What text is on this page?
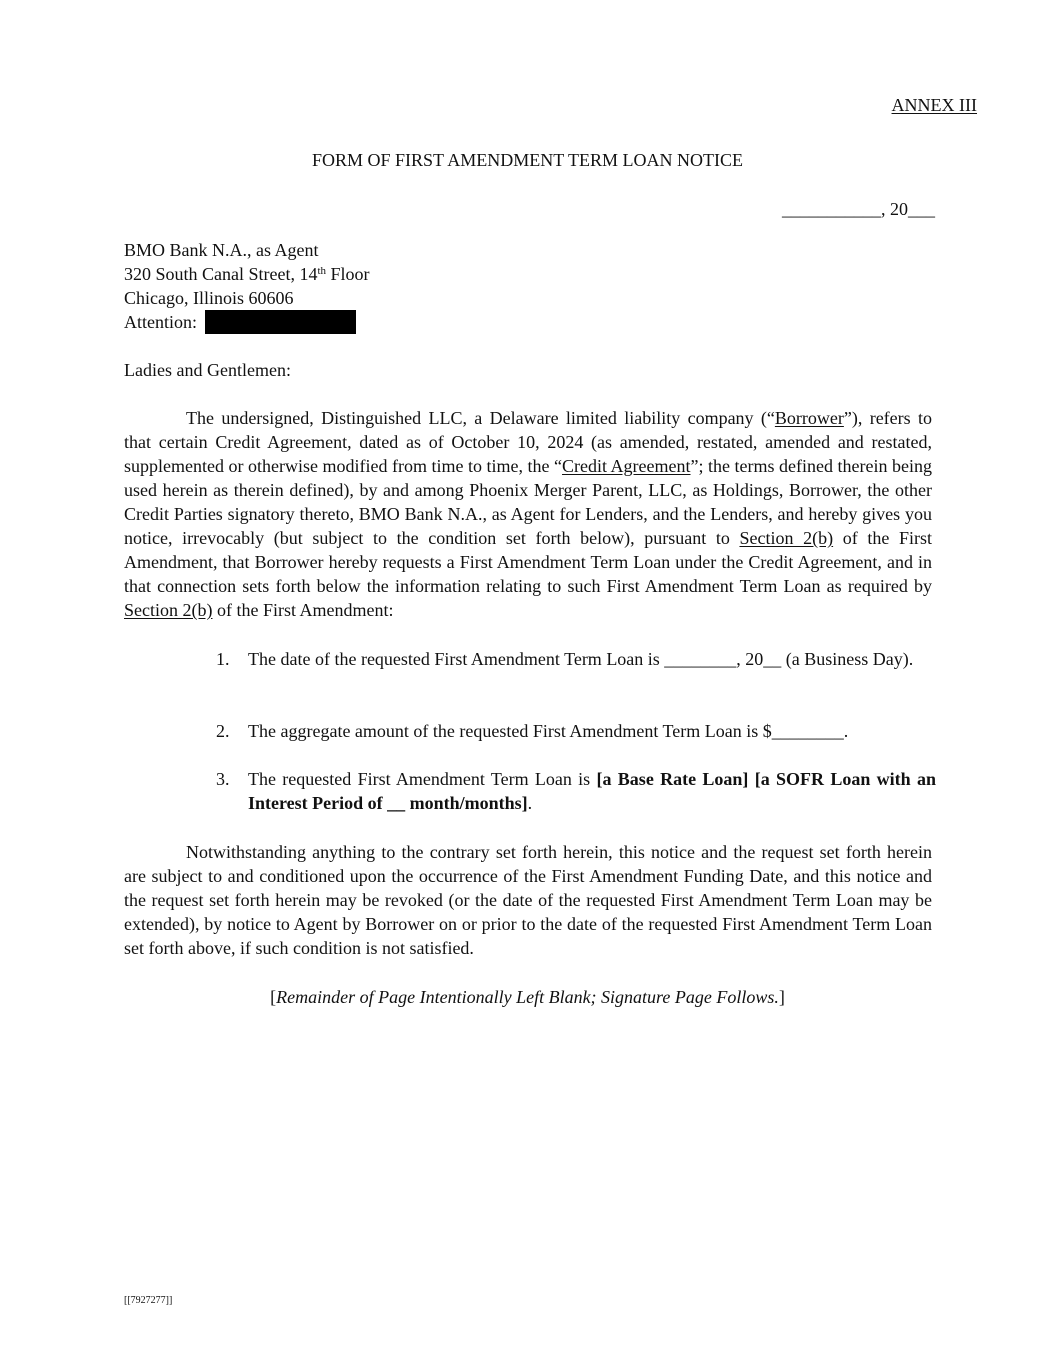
ANNEX III
FORM OF FIRST AMENDMENT TERM LOAN NOTICE
___________, 20___
BMO Bank N.A., as Agent
320 South Canal Street, 14th Floor
Chicago, Illinois 60606
Attention:
Ladies and Gentlemen:
The undersigned, Distinguished LLC, a Delaware limited liability company (“Borrower”), refers to that certain Credit Agreement, dated as of October 10, 2024 (as amended, restated, amended and restated, supplemented or otherwise modified from time to time, the “Credit Agreement”; the terms defined therein being used herein as therein defined), by and among Phoenix Merger Parent, LLC, as Holdings, Borrower, the other Credit Parties signatory thereto, BMO Bank N.A., as Agent for Lenders, and the Lenders, and hereby gives you notice, irrevocably (but subject to the condition set forth below), pursuant to Section 2(b) of the First Amendment, that Borrower hereby requests a First Amendment Term Loan under the Credit Agreement, and in that connection sets forth below the information relating to such First Amendment Term Loan as required by Section 2(b) of the First Amendment:
1. The date of the requested First Amendment Term Loan is ________, 20__ (a Business Day).
2. The aggregate amount of the requested First Amendment Term Loan is $________.
3. The requested First Amendment Term Loan is [a Base Rate Loan] [a SOFR Loan with an Interest Period of __ month/months].
Notwithstanding anything to the contrary set forth herein, this notice and the request set forth herein are subject to and conditioned upon the occurrence of the First Amendment Funding Date, and this notice and the request set forth herein may be revoked (or the date of the requested First Amendment Term Loan may be extended), by notice to Agent by Borrower on or prior to the date of the requested First Amendment Term Loan set forth above, if such condition is not satisfied.
[Remainder of Page Intentionally Left Blank; Signature Page Follows.]
[[7927277]]
